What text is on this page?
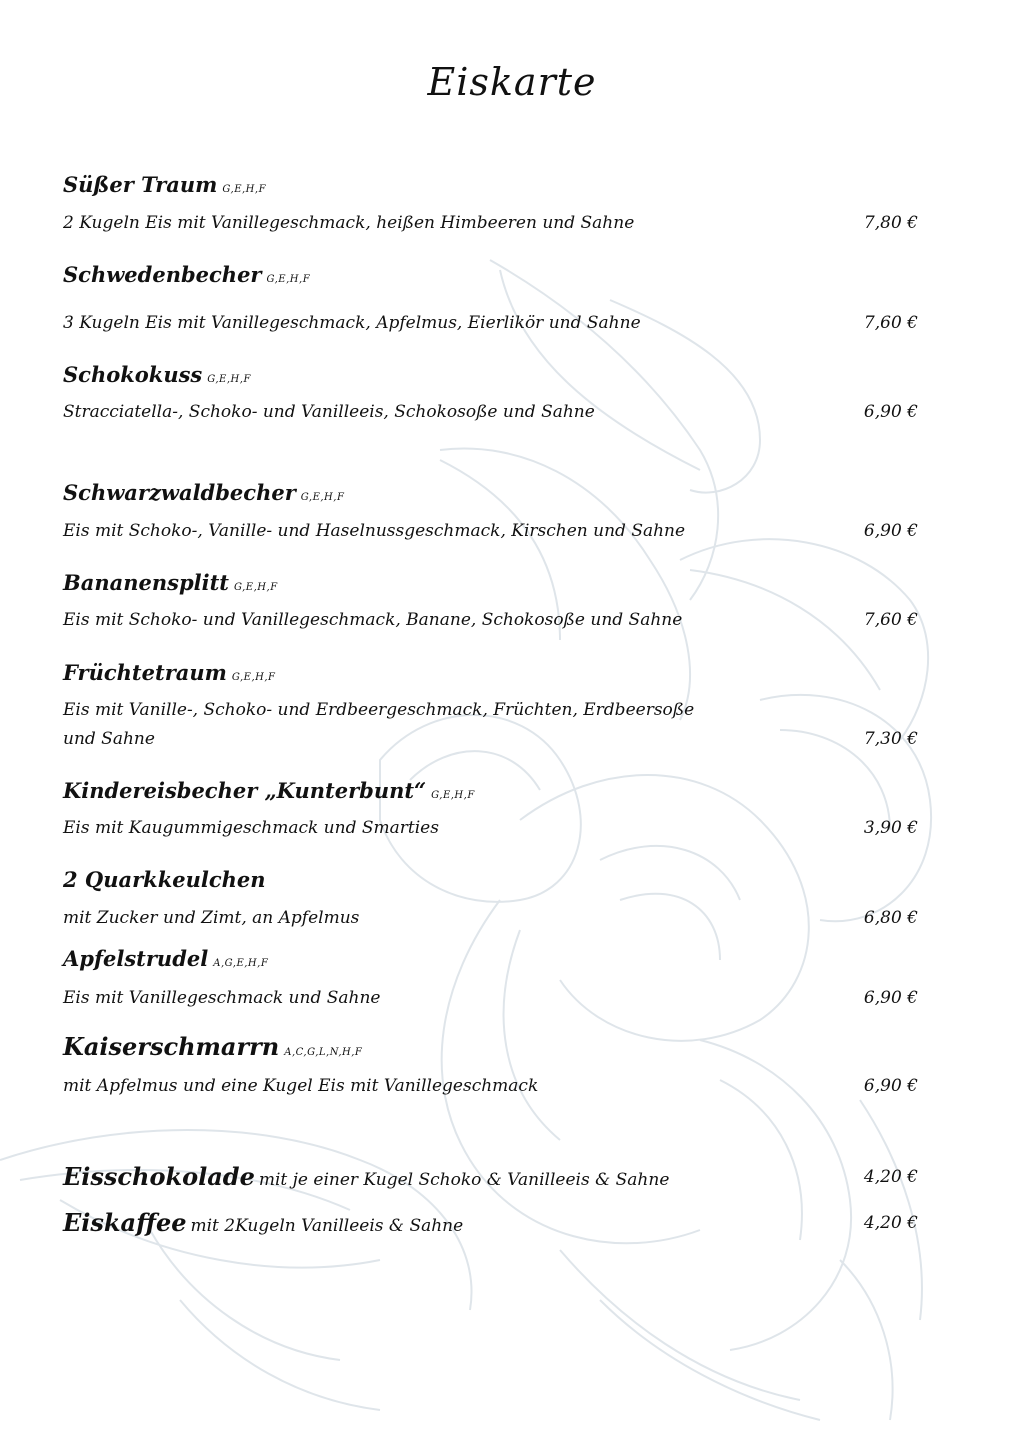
Eiskarte
Süßer Traum G,E,H,F
2 Kugeln Eis mit Vanillegeschmack, heißen Himbeeren und Sahne	7,80 €
Schwedenbecher G,E,H,F
3 Kugeln Eis mit Vanillegeschmack, Apfelmus, Eierlikör und Sahne	7,60 €
Schokokuss G,E,H,F
Stracciatella-, Schoko- und Vanilleeis, Schokosoße und Sahne	6,90 €
Schwarzwaldbecher G,E,H,F
Eis mit Schoko-, Vanille- und Haselnussgeschmack, Kirschen und Sahne	6,90 €
Bananensplitt G,E,H,F
Eis mit Schoko- und Vanillegeschmack, Banane, Schokosoße und Sahne	7,60 €
Früchtetraum G,E,H,F
Eis mit Vanille-, Schoko- und Erdbeergeschmack, Früchten, Erdbeersoße
und Sahne	7,30 €
Kindereisbecher „Kunterbunt“ G,E,H,F
Eis mit Kaugummigeschmack und Smarties	3,90 €
2 Quarkkeulchen
mit Zucker und Zimt, an Apfelmus	6,80 €
Apfelstrudel A,G,E,H,F
Eis mit Vanillegeschmack und Sahne	6,90 €
Kaiserschmarrn A,C,G,L,N,H,F
mit Apfelmus und eine Kugel Eis mit Vanillegeschmack	6,90 €
Eisschokolade mit je einer Kugel Schoko & Vanilleeis & Sahne	4,20 €
Eiskaffee mit 2Kugeln Vanilleeis & Sahne	4,20 €
